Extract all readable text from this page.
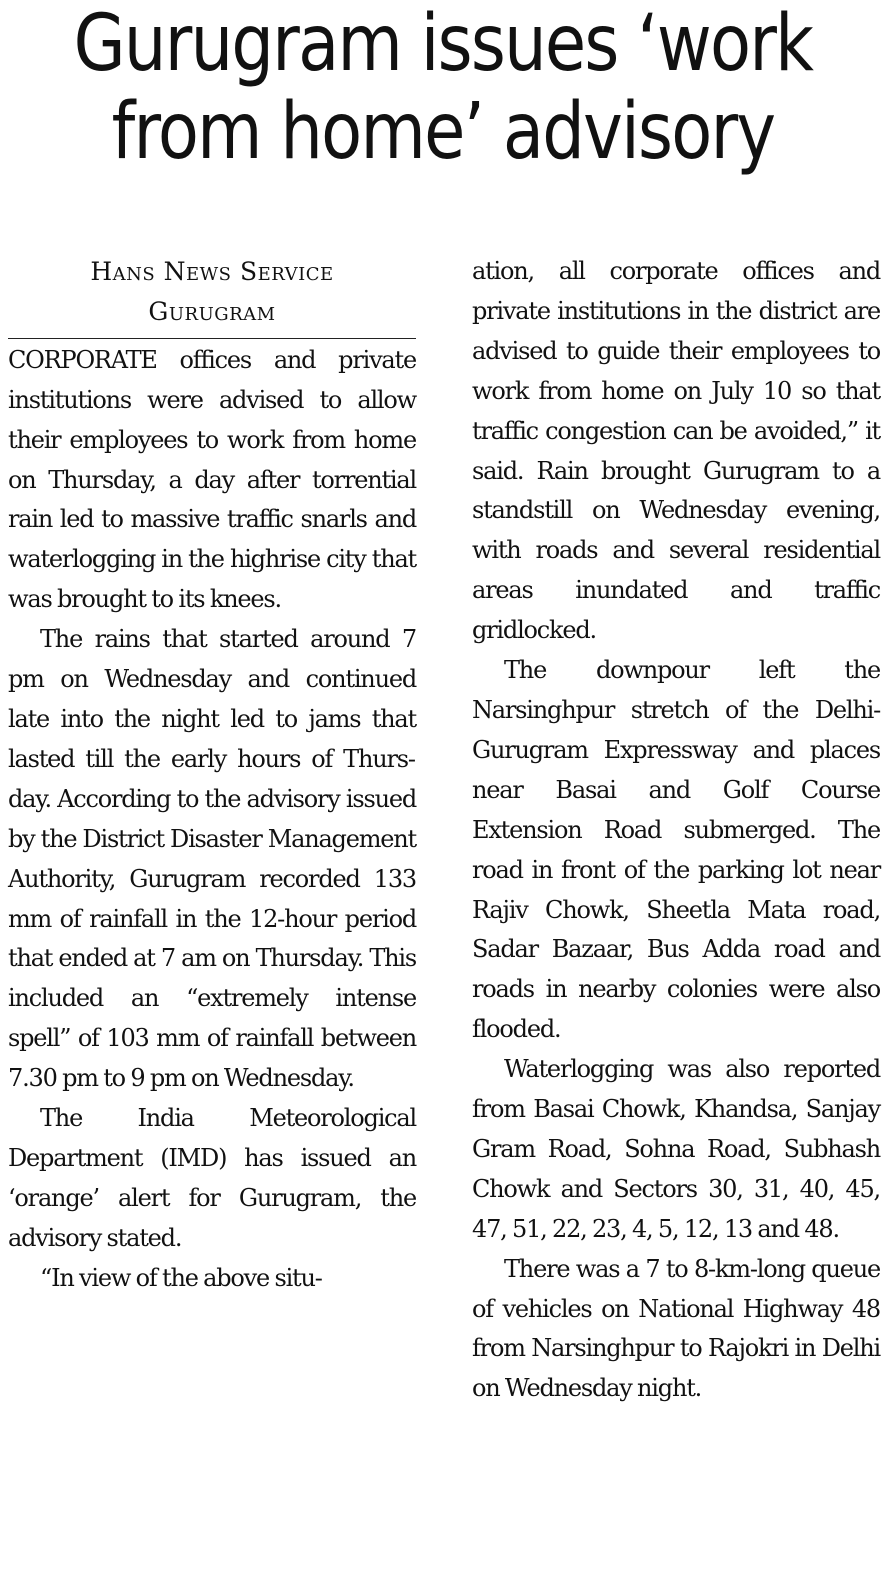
Gurugram issues ‘work
from home’ advisory
Hans News Service
Gurugram

CORPORATE offices and private institutions were advised to allow their employees to work from home on Thursday, a day after torrential rain led to massive traffic snarls and waterlogging in the highrise city that was brought to its knees.

The rains that started around 7 pm on Wednesday and continued late into the night led to jams that lasted till the early hours of Thursday. According to the advisory issued by the District Disaster Management Authority, Gurugram recorded 133 mm of rainfall in the 12-hour period that ended at 7 am on Thursday. This included an “extremely intense spell” of 103 mm of rainfall between 7.30 pm to 9 pm on Wednesday.

The India Meteorological Department (IMD) has issued an ‘orange’ alert for Gurugram, the advisory stated.

“In view of the above situ-

ation, all corporate offices and private institutions in the district are advised to guide their employees to work from home on July 10 so that traffic congestion can be avoided,” it said. Rain brought Gurugram to a standstill on Wednesday evening, with roads and several residential areas inundated and traffic gridlocked.

The downpour left the Narsinghpur stretch of the Delhi-Gurugram Expressway and places near Basai and Golf Course Extension Road submerged. The road in front of the parking lot near Rajiv Chowk, Sheetla Mata road, Sadar Bazaar, Bus Adda road and roads in nearby colonies were also flooded.

Waterlogging was also reported from Basai Chowk, Khandsa, Sanjay Gram Road, Sohna Road, Subhash Chowk and Sectors 30, 31, 40, 45, 47, 51, 22, 23, 4, 5, 12, 13 and 48.

There was a 7 to 8-km-long queue of vehicles on National Highway 48 from Narsinghpur to Rajokri in Delhi on Wednesday night.
